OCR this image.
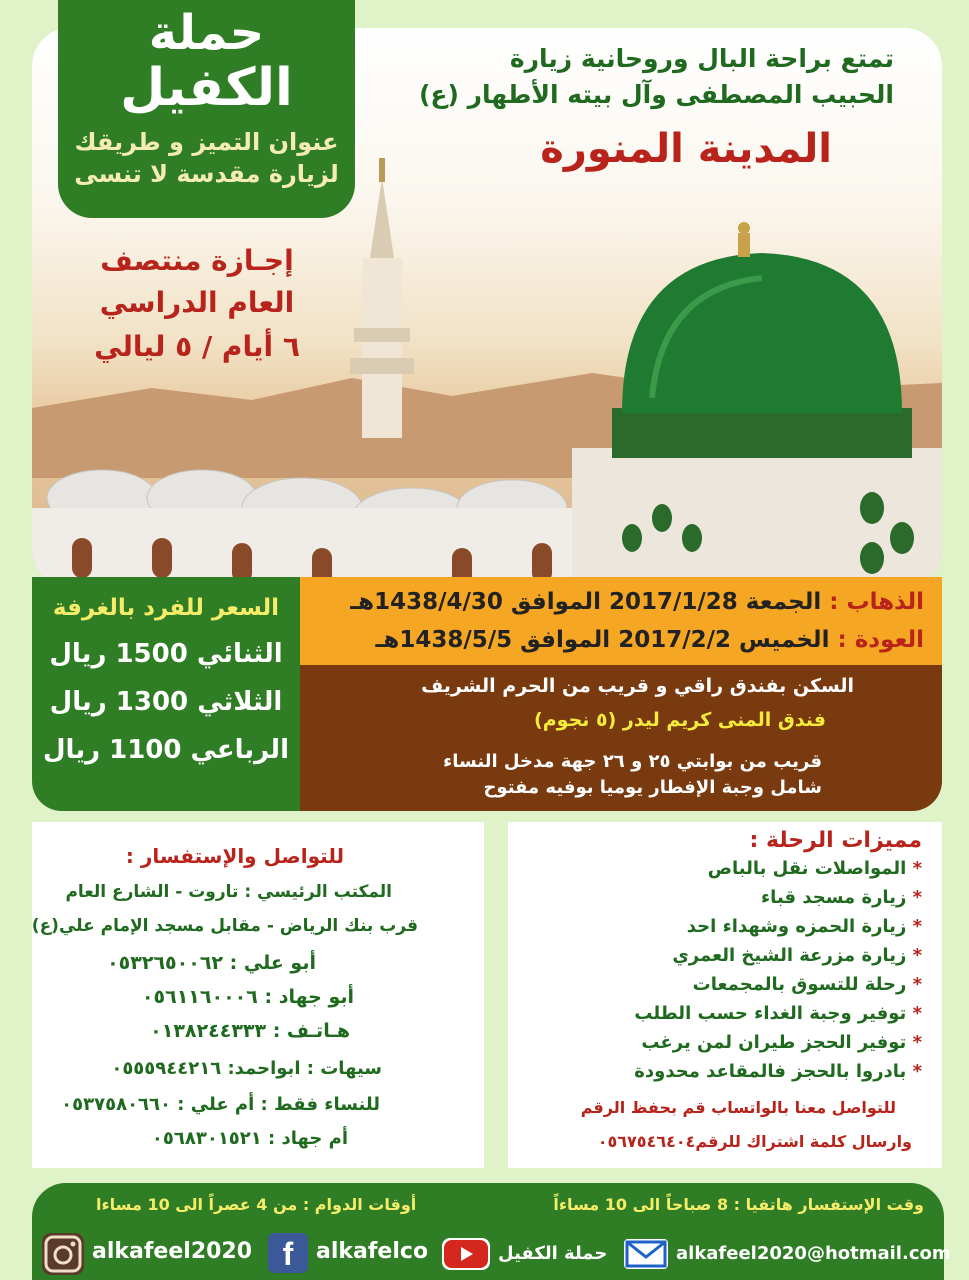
تمتع براحة البال وروحانية زيارة
الحبيب المصطفى وآل بيته الأطهار (ع)
المدينة المنورة
إجـازة منتصف
العام الدراسي
٦ أيام / ٥ ليالي
حملة
الكفيل
عنوان التميز و طريقك
لزيارة مقدسة لا تنسى
السعر للفرد بالغرفة
الثنائي 1500 ريال
الثلاثي 1300 ريال
الرباعي 1100 ريال
الذهاب : الجمعة 2017/1/28 الموافق 1438/4/30هـ
العودة : الخميس 2017/2/2 الموافق 1438/5/5هـ
السكن بفندق راقي و قريب من الحرم الشريف
فندق المنى كريم ليدر (٥ نجوم)
قريب من بوابتي ٢٥ و ٢٦ جهة مدخل النساء
شامل وجبة الإفطار يوميا بوفيه مفتوح
للتواصل والإستفسار :
المكتب الرئيسي : تاروت - الشارع العام
قرب بنك الرياض - مقابل مسجد الإمام علي(ع)
أبو علي : ٠٥٣٢٦٥٠٠٦٢
أبو جهاد : ٠٥٦١١٦٠٠٠٦
هـاتـف : ٠١٣٨٢٤٤٣٣٣
سيهات : ابواحمد: ٠٥٥٥٩٤٤٢١٦
للنساء فقط : أم علي : ٠٥٣٧٥٨٠٦٦٠
أم جهاد : ٠٥٦٨٣٠١٥٢١
مميزات الرحلة :
* المواصلات نقل بالباص
* زيارة مسجد قباء
* زيارة الحمزه وشهداء احد
* زيارة مزرعة الشيخ العمري
* رحلة للتسوق بالمجمعات
* توفير وجبة الغداء حسب الطلب
* توفير الحجز طيران لمن يرغب
* بادروا بالحجز فالمقاعد محدودة
للتواصل معنا بالواتساب قم بحفظ الرقم
وارسال كلمة اشتراك للرقم٠٥٦٧٥٤٦٤٠٤
وقت الإستفسار هاتفيا : 8 صباحاً الى 10 مساءاً
أوقات الدوام : من 4 عصراً الى 10 مساءا
alkafeel2020@hotmail.com
حملة الكفيل
f	alkafelco
alkafeel2020
